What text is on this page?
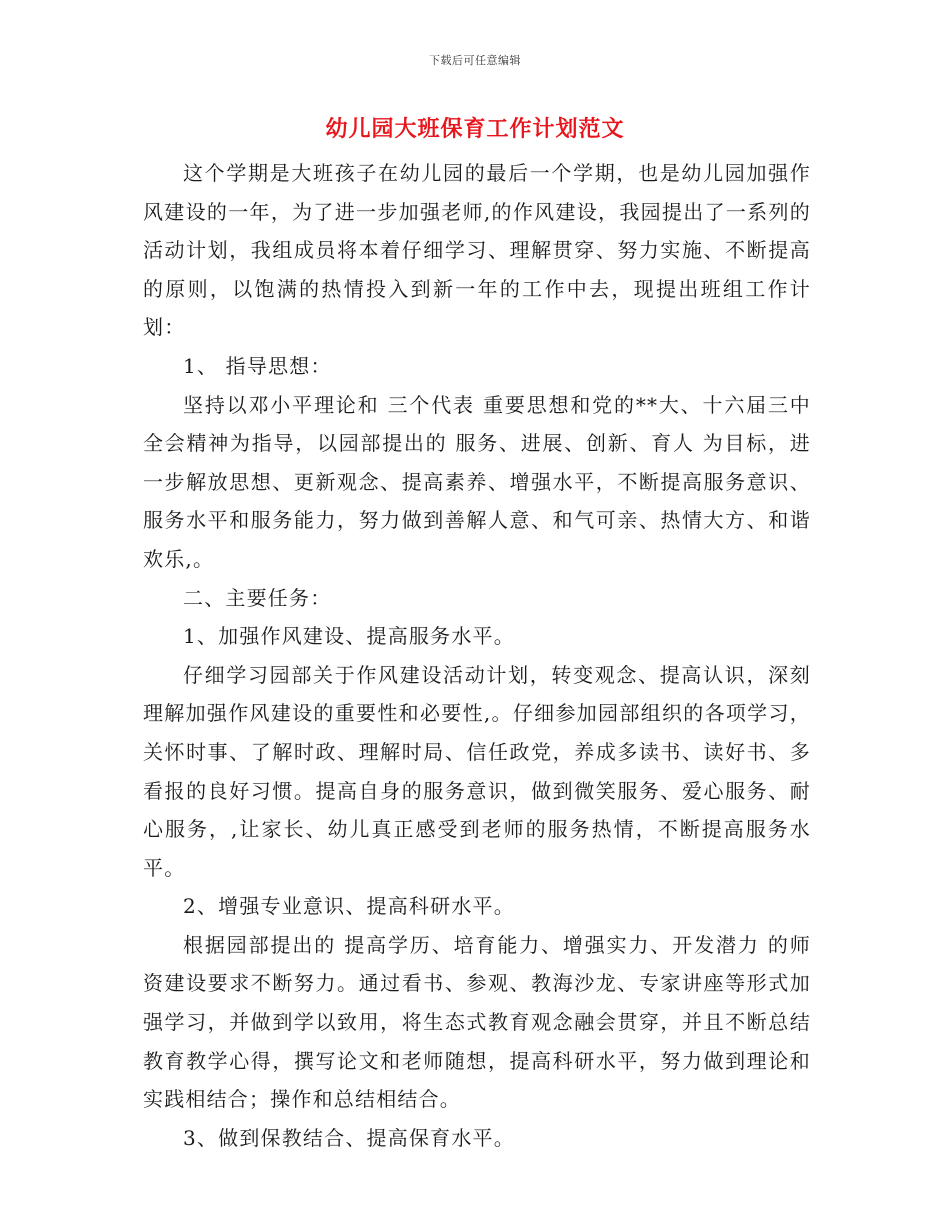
下载后可任意编辑
幼儿园大班保育工作计划范文

这个学期是大班孩子在幼儿园的最后一个学期，也是幼儿园加强作风建设的一年，为了进一步加强老师,的作风建设，我园提出了一系列的活动计划，我组成员将本着仔细学习、理解贯穿、努力实施、不断提高的原则，以饱满的热情投入到新一年的工作中去，现提出班组工作计划：

1、 指导思想：

坚持以邓小平理论和 三个代表 重要思想和党的**大、十六届三中全会精神为指导，以园部提出的 服务、进展、创新、育人 为目标，进一步解放思想、更新观念、提高素养、增强水平，不断提高服务意识、服务水平和服务能力，努力做到善解人意、和气可亲、热情大方、和谐欢乐,。

二、主要任务：

1、加强作风建设、提高服务水平。

仔细学习园部关于作风建设活动计划，转变观念、提高认识，深刻理解加强作风建设的重要性和必要性,。仔细参加园部组织的各项学习，关怀时事、了解时政、理解时局、信任政党，养成多读书、读好书、多看报的良好习惯。提高自身的服务意识，做到微笑服务、爱心服务、耐心服务，,让家长、幼儿真正感受到老师的服务热情，不断提高服务水平。

2、增强专业意识、提高科研水平。

根据园部提出的 提高学历、培育能力、增强实力、开发潜力 的师资建设要求不断努力。通过看书、参观、教海沙龙、专家讲座等形式加强学习，并做到学以致用，将生态式教育观念融会贯穿，并且不断总结教育教学心得，撰写论文和老师随想，提高科研水平，努力做到理论和实践相结合；操作和总结相结合。

3、做到保教结合、提高保育水平。
